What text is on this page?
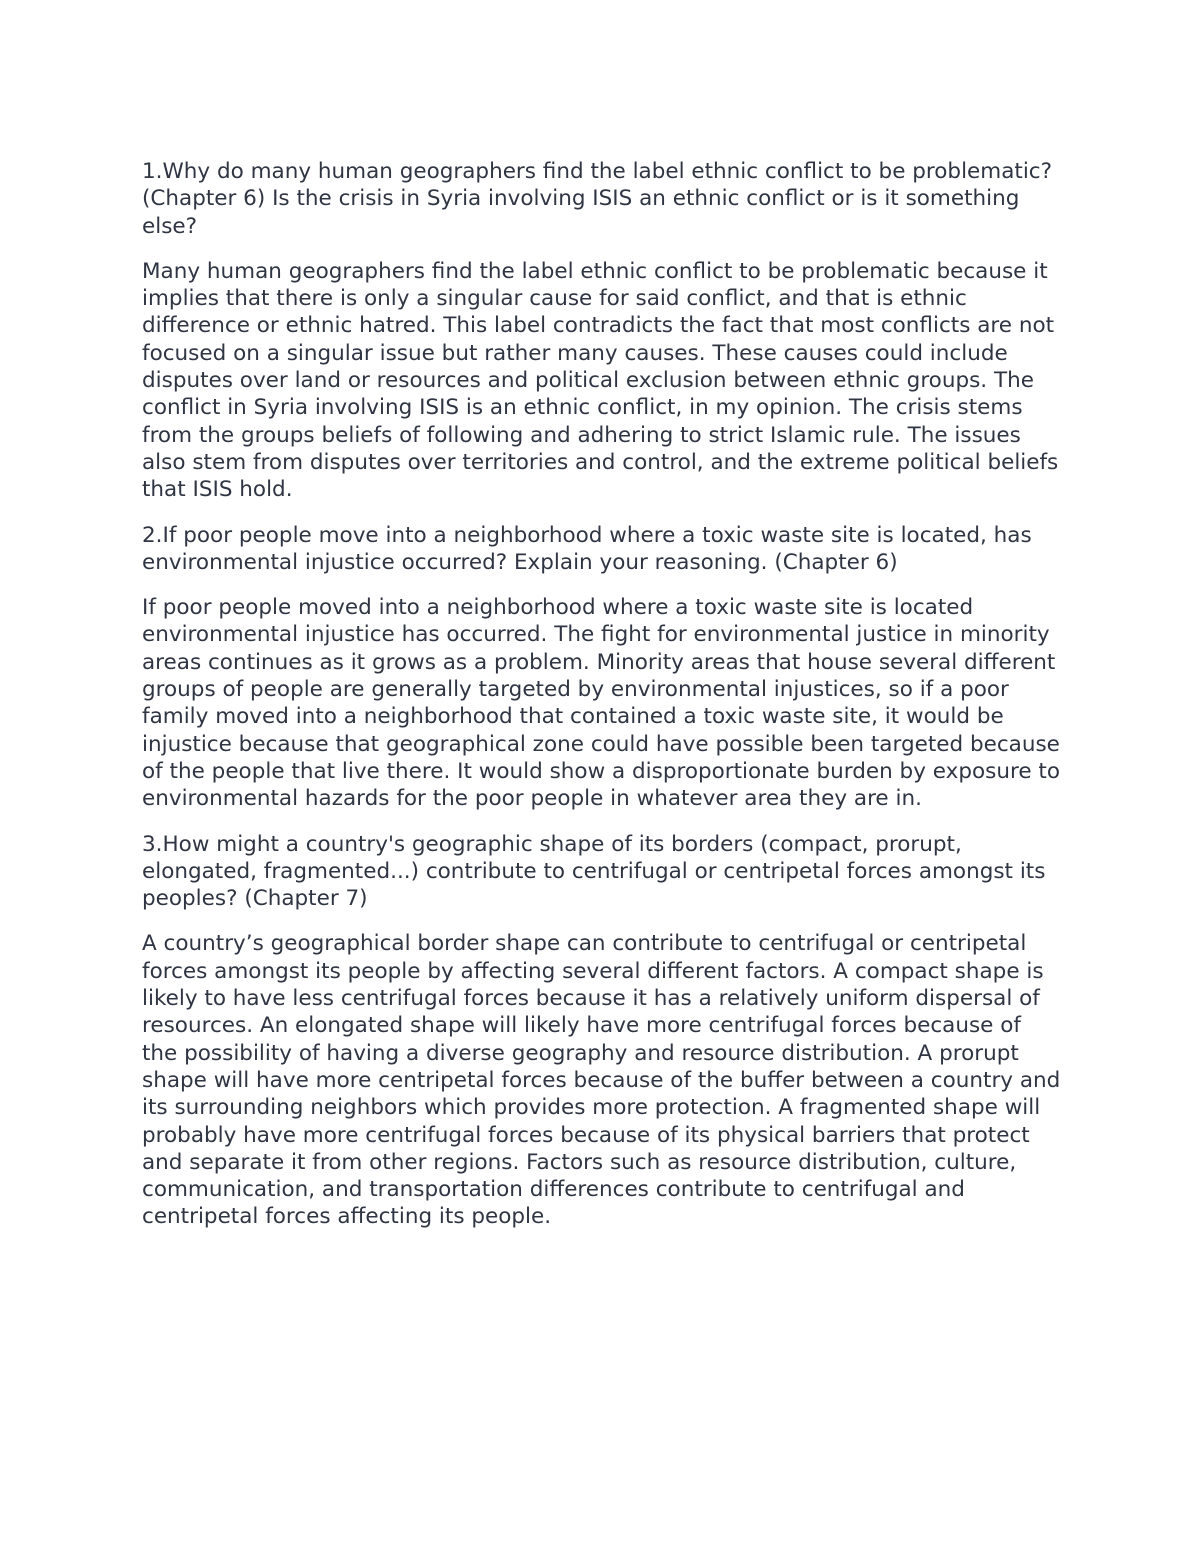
1.Why do many human geographers find the label ethnic conflict to be problematic?(Chapter 6) Is the crisis in Syria involving ISIS an ethnic conflict or is it something else?

Many human geographers find the label ethnic conflict to be problematic because it implies that there is only a singular cause for said conflict, and that is ethnic difference or ethnic hatred. This label contradicts the fact that most conflicts are not focused on a singular issue but rather many causes. These causes could include disputes over land or resources and political exclusion between ethnic groups. The conflict in Syria involving ISIS is an ethnic conflict, in my opinion. The crisis stems from the groups beliefs of following and adhering to strict Islamic rule. The issues also stem from disputes over territories and control, and the extreme political beliefs that ISIS hold.

2.If poor people move into a neighborhood where a toxic waste site is located, has environmental injustice occurred? Explain your reasoning. (Chapter 6)

If poor people moved into a neighborhood where a toxic waste site is located environmental injustice has occurred. The fight for environmental justice in minority areas continues as it grows as a problem. Minority areas that house several different groups of people are generally targeted by environmental injustices, so if a poor family moved into a neighborhood that contained a toxic waste site, it would be injustice because that geographical zone could have possible been targeted because of the people that live there. It would show a disproportionate burden by exposure to environmental hazards for the poor people in whatever area they are in.

3.How might a country's geographic shape of its borders (compact, prorupt, elongated, fragmented...) contribute to centrifugal or centripetal forces amongst its peoples? (Chapter 7)

A country’s geographical border shape can contribute to centrifugal or centripetal forces amongst its people by affecting several different factors. A compact shape is likely to have less centrifugal forces because it has a relatively uniform dispersal of resources. An elongated shape will likely have more centrifugal forces because of the possibility of having a diverse geography and resource distribution. A prorupt shape will have more centripetal forces because of the buffer between a country and its surrounding neighbors which provides more protection. A fragmented shape will probably have more centrifugal forces because of its physical barriers that protect and separate it from other regions. Factors such as resource distribution, culture, communication, and transportation differences contribute to centrifugal and centripetal forces affecting its people.
